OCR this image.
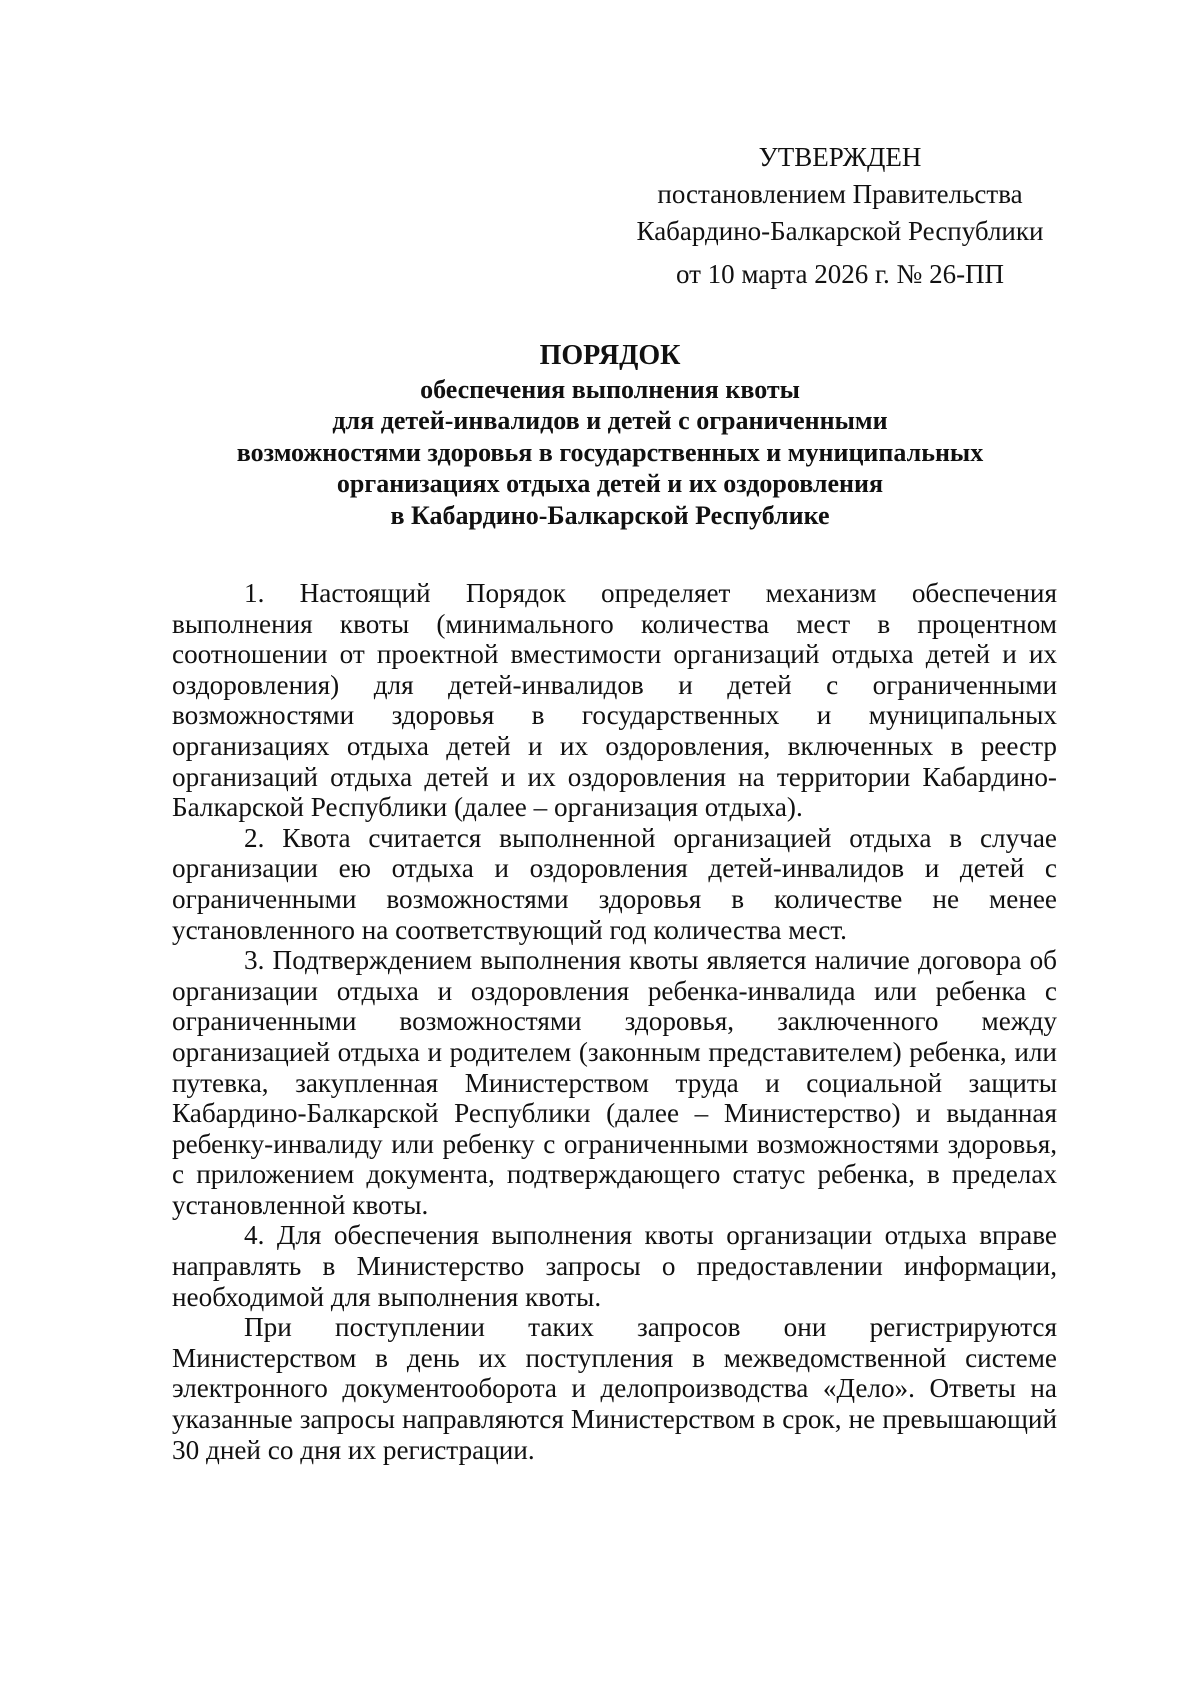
УТВЕРЖДЕН
постановлением Правительства
Кабардино-Балкарской Республики
от 10 марта 2026 г. № 26-ПП
ПОРЯДОК
обеспечения выполнения квоты
для детей-инвалидов и детей с ограниченными
возможностями здоровья в государственных и муниципальных
организациях отдыха детей и их оздоровления
в Кабардино-Балкарской Республике

1. Настоящий Порядок определяет механизм обеспечения выполнения квоты (минимального количества мест в процентном соотношении от проектной вместимости организаций отдыха детей и их оздоровления) для детей-инвалидов и детей с ограниченными возможностями здоровья в государственных и муниципальных организациях отдыха детей и их оздоровления, включенных в реестр организаций отдыха детей и их оздоровления на территории Кабардино-Балкарской Республики (далее – организация отдыха).

2. Квота считается выполненной организацией отдыха в случае организации ею отдыха и оздоровления детей-инвалидов и детей с ограниченными возможностями здоровья в количестве не менее установленного на соответствующий год количества мест.

3. Подтверждением выполнения квоты является наличие договора об организации отдыха и оздоровления ребенка-инвалида или ребенка с ограниченными возможностями здоровья, заключенного между организацией отдыха и родителем (законным представителем) ребенка, или путевка, закупленная Министерством труда и социальной защиты Кабардино-Балкарской Республики (далее – Министерство) и выданная ребенку-инвалиду или ребенку с ограниченными возможностями здоровья, с приложением документа, подтверждающего статус ребенка, в пределах установленной квоты.

4. Для обеспечения выполнения квоты организации отдыха вправе направлять в Министерство запросы о предоставлении информации, необходимой для выполнения квоты.

При поступлении таких запросов они регистрируются Министерством в день их поступления в межведомственной системе электронного документооборота и делопроизводства «Дело». Ответы на указанные запросы направляются Министерством в срок, не превышающий 30 дней со дня их регистрации.
